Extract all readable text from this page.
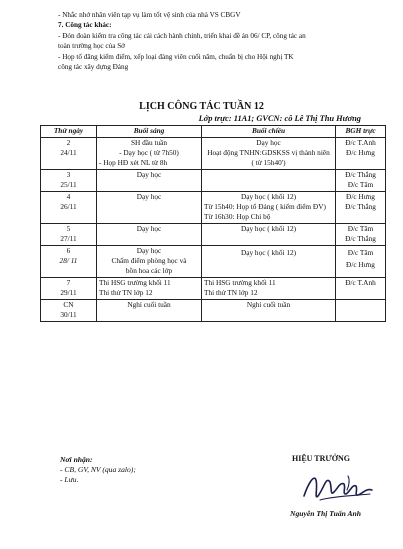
- Nhắc nhở nhân viên tạp vụ làm tốt vệ sinh của nhà VS CBGV

7. Công tác khác:

- Đón đoàn kiểm tra công tác cải cách hành chính, triển khai đề án 06/ CP, công tác an

toàn trường học của Sở

- Họp tổ đăng kiểm điểm, xếp loại đảng viên cuối năm, chuẩn bị cho Hội nghị TK

công tác xây dựng Đảng

LỊCH CÔNG TÁC TUẦN 12
Lớp trực: 11A1; GVCN: cô Lê Thị Thu Hương
Thứ ngày	Buổi sáng	Buổi chiều	BGH trực

2
24/11	SH đầu tuần
- Dạy học ( từ 7h50)
- Họp HĐ xét NL từ 8h	Dạy học
Hoạt động TNHN:GDSKSS vị thành niên
( từ 15h40')	Đ/c T.Anh
Đ/c Hưng

3
25/11	Dạy học		Đ/c Thắng
Đ/c Tâm

4
26/11	Dạy học	Dạy học ( khối 12)
Từ 15h40: Họp tổ Đảng ( kiểm điểm ĐV)
Từ 16h30: Họp Chi bộ	Đ/c Hưng
Đ/c Thắng

5
27/11	Dạy học	Dạy học ( khối 12)	Đ/c Tâm
Đ/c Thắng

6
28/ 11	Dạy học
Chấm điểm phòng học và
bồn hoa các lớp	Dạy học ( khối 12)	Đ/c Tâm
Đ/c Hưng

7
29/11	Thi HSG trường khối 11
Thi thử TN lớp 12	Thi HSG trường khối 11
Thi thử TN lớp 12	Đ/c T.Anh

CN
30/11	Nghỉ cuối tuần	Nghỉ cuối tuần	

Nơi nhận:
- CB, GV, NV (qua zalo);
- Lưu.
HIỆU TRƯỞNG
Nguyễn Thị Tuấn Anh
